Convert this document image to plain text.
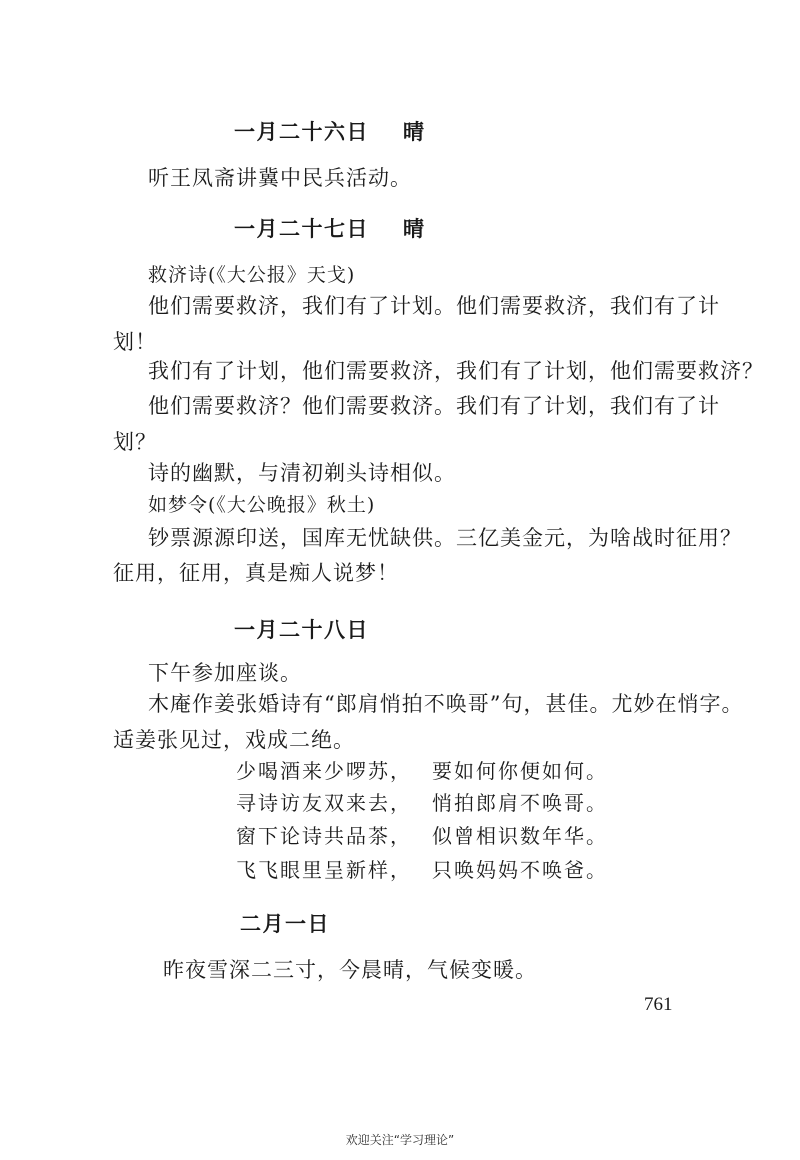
一月二十六日 晴
听王凤斋讲冀中民兵活动。
一月二十七日 晴
救济诗(《大公报》天戈)
他们需要救济，我们有了计划。他们需要救济，我们有了计
划！
我们有了计划，他们需要救济，我们有了计划，他们需要救济？
他们需要救济？他们需要救济。我们有了计划，我们有了计
划？
诗的幽默，与清初剃头诗相似。
如梦令(《大公晚报》秋土)
钞票源源印送，国库无忧缺供。三亿美金元，为啥战时征用？
征用，征用，真是痴人说梦！
一月二十八日
下午参加座谈。
木庵作姜张婚诗有“郎肩悄拍不唤哥”句，甚佳。尤妙在悄字。
适姜张见过，戏成二绝。
少喝酒来少啰苏， 要如何你便如何。
寻诗访友双来去， 悄拍郎肩不唤哥。
窗下论诗共品茶， 似曾相识数年华。
飞飞眼里呈新样， 只唤妈妈不唤爸。
二月一日
昨夜雪深二三寸，今晨晴，气候变暖。
761
欢迎关注“学习理论”
